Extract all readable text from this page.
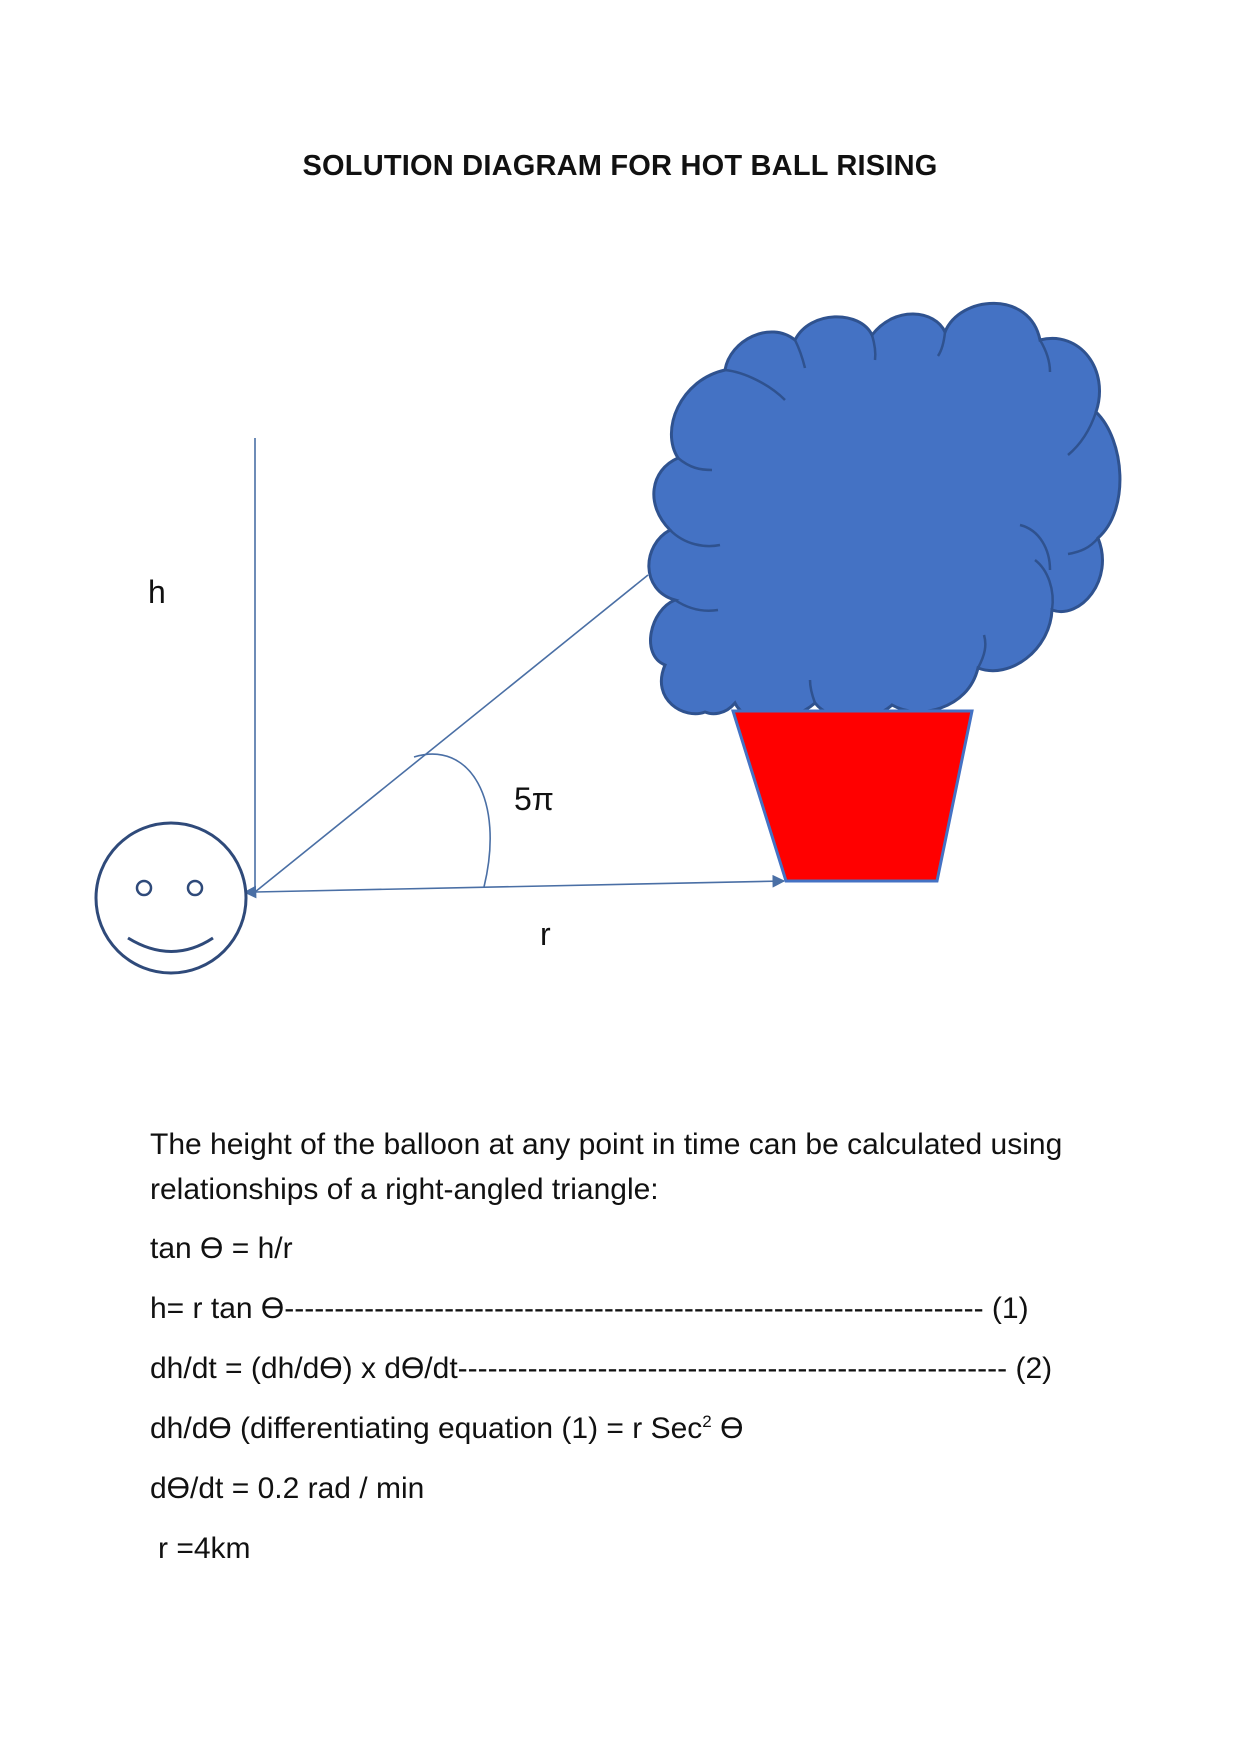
SOLUTION DIAGRAM FOR HOT BALL RISING
h
5π
r

The height of the balloon at any point in time can be calculated using relationships of a right-angled triangle:

tan Ө = h/r

h= r tan Ө---------------------------------------------------------------------- (1)

dh/dt = (dh/dӨ) x dӨ/dt------------------------------------------------------- (2)

dh/dӨ (differentiating equation (1) = r Sec$^2$ Ө

dӨ/dt = 0.2 rad / min

r =4km
